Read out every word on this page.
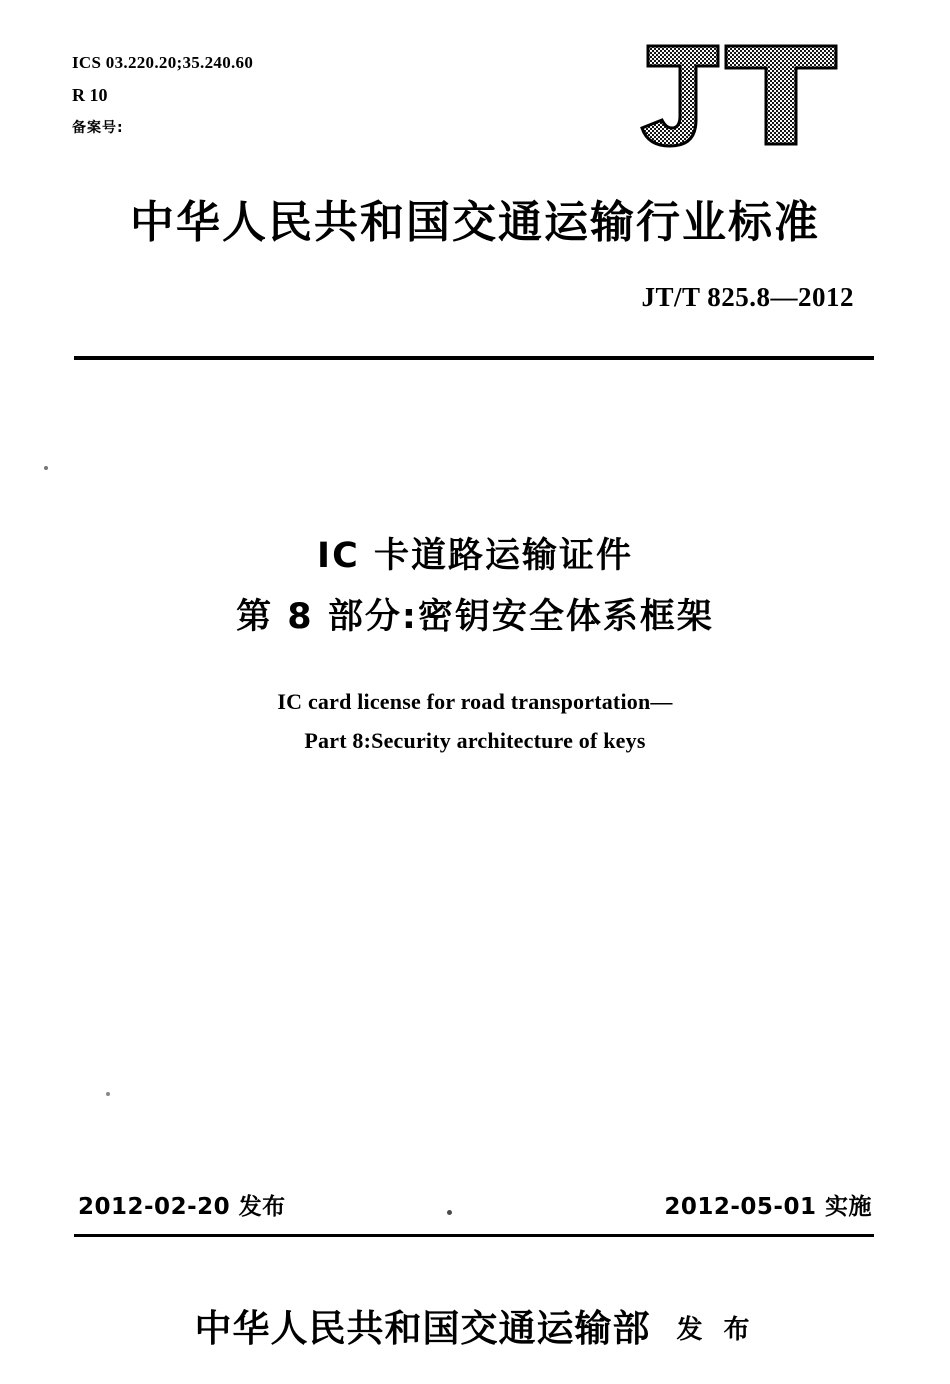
ICS 03.220.20;35.240.60
R 10
备案号:
中华人民共和国交通运输行业标准
JT/T 825.8—2012
IC 卡道路运输证件
第 8 部分:密钥安全体系框架
IC card license for road transportation—
Part 8:Security architecture of keys
2012-02-20 发布	2012-05-01 实施
中华人民共和国交通运输部 发 布
